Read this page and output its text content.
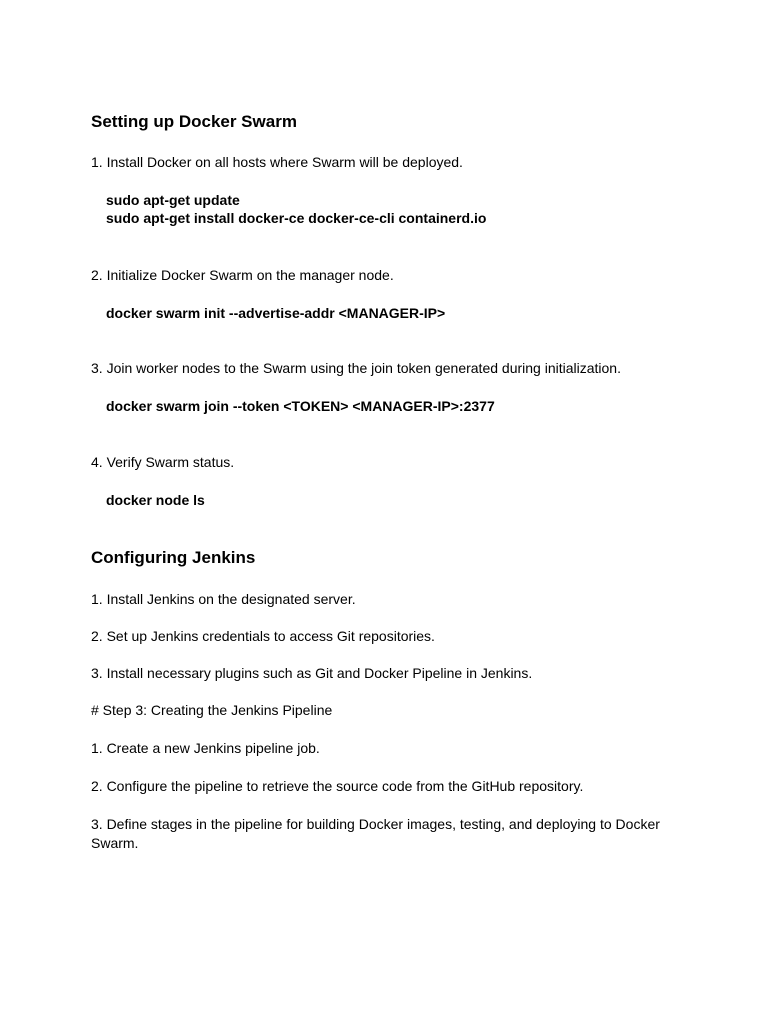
Setting up Docker Swarm
1. Install Docker on all hosts where Swarm will be deployed.
sudo apt-get update
sudo apt-get install docker-ce docker-ce-cli containerd.io
2. Initialize Docker Swarm on the manager node.
docker swarm init --advertise-addr <MANAGER-IP>
3. Join worker nodes to the Swarm using the join token generated during initialization.
docker swarm join --token <TOKEN> <MANAGER-IP>:2377
4. Verify Swarm status.
docker node ls
Configuring Jenkins
1. Install Jenkins on the designated server.
2. Set up Jenkins credentials to access Git repositories.
3. Install necessary plugins such as Git and Docker Pipeline in Jenkins.
# Step 3: Creating the Jenkins Pipeline
1. Create a new Jenkins pipeline job.
2. Configure the pipeline to retrieve the source code from the GitHub repository.
3. Define stages in the pipeline for building Docker images, testing, and deploying to Docker Swarm.
